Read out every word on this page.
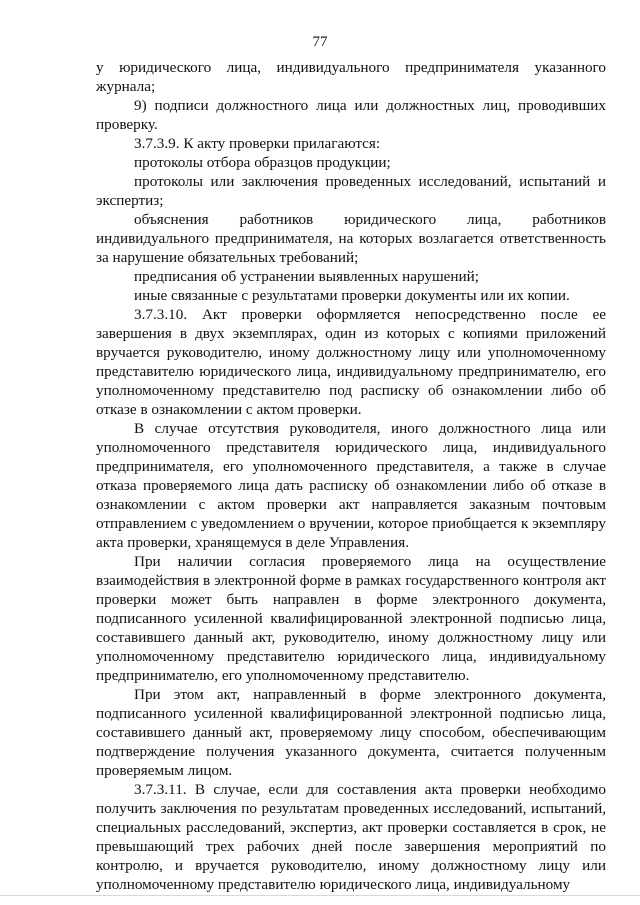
77

у юридического лица, индивидуального предпринимателя указанного журнала;

9) подписи должностного лица или должностных лиц, проводивших проверку.

3.7.3.9. К акту проверки прилагаются:

протоколы отбора образцов продукции;

протоколы или заключения проведенных исследований, испытаний и экспертиз;

объяснения работников юридического лица, работников индивидуального предпринимателя, на которых возлагается ответственность за нарушение обязательных требований;

предписания об устранении выявленных нарушений;

иные связанные с результатами проверки документы или их копии.

3.7.3.10. Акт проверки оформляется непосредственно после ее завершения в двух экземплярах, один из которых с копиями приложений вручается руководителю, иному должностному лицу или уполномоченному представителю юридического лица, индивидуальному предпринимателю, его уполномоченному представителю под расписку об ознакомлении либо об отказе в ознакомлении с актом проверки.

В случае отсутствия руководителя, иного должностного лица или уполномоченного представителя юридического лица, индивидуального предпринимателя, его уполномоченного представителя, а также в случае отказа проверяемого лица дать расписку об ознакомлении либо об отказе в ознакомлении с актом проверки акт направляется заказным почтовым отправлением с уведомлением о вручении, которое приобщается к экземпляру акта проверки, хранящемуся в деле Управления.

При наличии согласия проверяемого лица на осуществление взаимодействия в электронной форме в рамках государственного контроля акт проверки может быть направлен в форме электронного документа, подписанного усиленной квалифицированной электронной подписью лица, составившего данный акт, руководителю, иному должностному лицу или уполномоченному представителю юридического лица, индивидуальному предпринимателю, его уполномоченному представителю.

При этом акт, направленный в форме электронного документа, подписанного усиленной квалифицированной электронной подписью лица, составившего данный акт, проверяемому лицу способом, обеспечивающим подтверждение получения указанного документа, считается полученным проверяемым лицом.

3.7.3.11. В случае, если для составления акта проверки необходимо получить заключения по результатам проведенных исследований, испытаний, специальных расследований, экспертиз, акт проверки составляется в срок, не превышающий трех рабочих дней после завершения мероприятий по контролю, и вручается руководителю, иному должностному лицу или уполномоченному представителю юридического лица, индивидуальному
